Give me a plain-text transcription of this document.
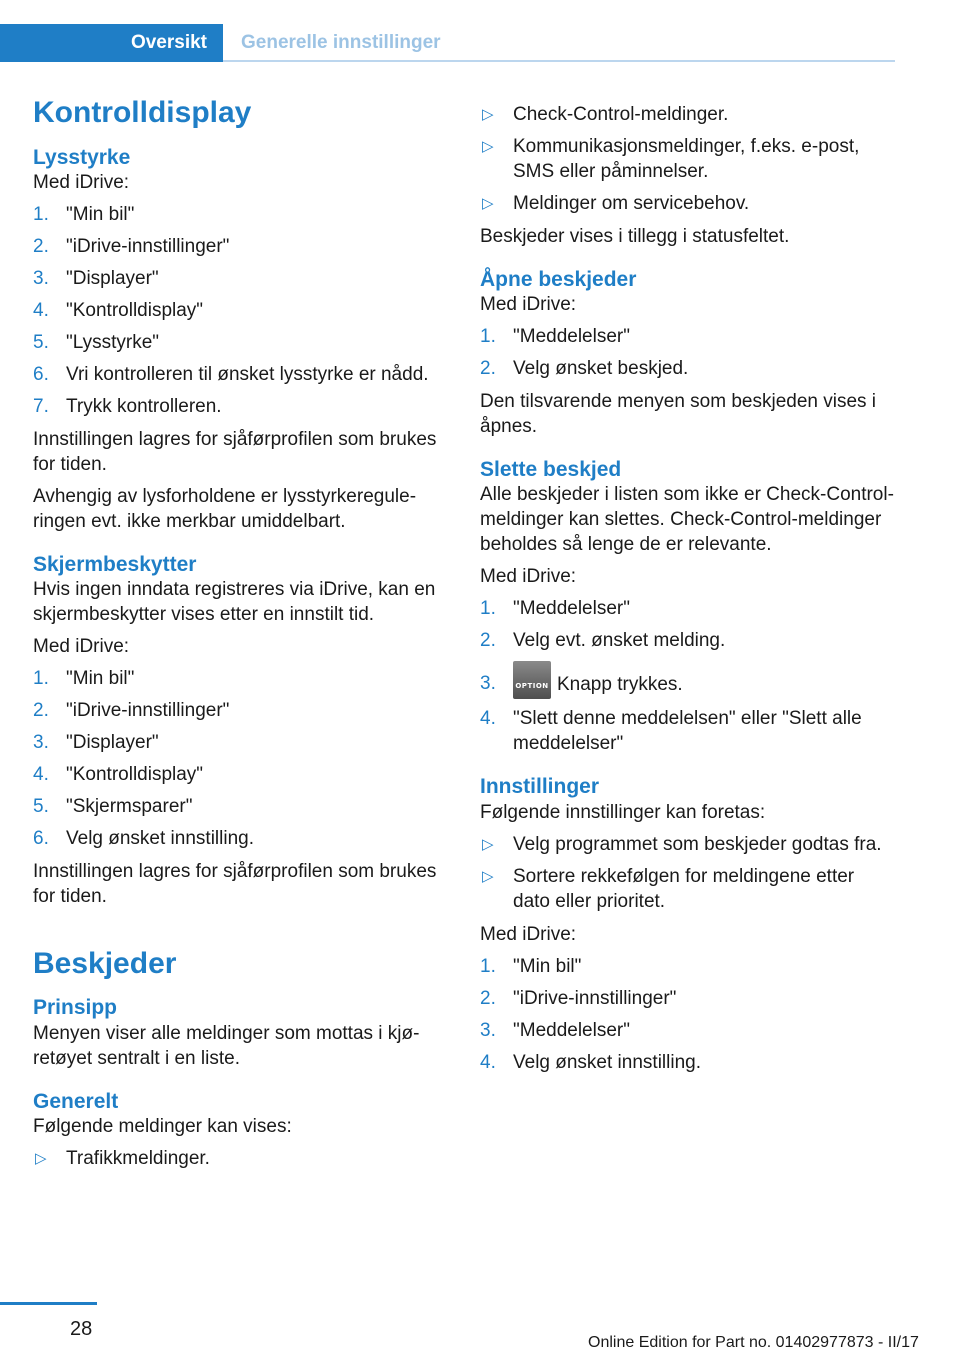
Oversikt	Generelle innstillinger
Kontrolldisplay
Lysstyrke

Med iDrive:

1. "Min bil"
2. "iDrive-innstillinger"
3. "Displayer"
4. "Kontrolldisplay"
5. "Lysstyrke"
6. Vri kontrolleren til ønsket lysstyrke er nådd.
7. Trykk kontrolleren.

Innstillingen lagres for sjåførprofilen som brukes for tiden.

Avhengig av lysforholdene er lysstyrkereguleringen evt. ikke merkbar umiddelbart.

Skjermbeskytter

Hvis ingen inndata registreres via iDrive, kan en skjermbeskytter vises etter en innstilt tid.

Med iDrive:

1. "Min bil"
2. "iDrive-innstillinger"
3. "Displayer"
4. "Kontrolldisplay"
5. "Skjermsparer"
6. Velg ønsket innstilling.

Innstillingen lagres for sjåførprofilen som brukes for tiden.

Beskjeder
Prinsipp

Menyen viser alle meldinger som mottas i kjøretøyet sentralt i en liste.

Generelt

Følgende meldinger kan vises:

▷ Trafikkmeldinger.
▷ Check-Control-meldinger.
▷ Kommunikasjonsmeldinger, f.eks. e-post, SMS eller påminnelser.
▷ Meldinger om servicebehov.

Beskjeder vises i tillegg i statusfeltet.

Åpne beskjeder

Med iDrive:

1. "Meddelelser"
2. Velg ønsket beskjed.

Den tilsvarende menyen som beskjeden vises i åpnes.

Slette beskjed

Alle beskjeder i listen som ikke er Check-Control-meldinger kan slettes. Check-Control-meldinger beholdes så lenge de er relevante.

Med iDrive:

1. "Meddelelser"
2. Velg evt. ønsket melding.
3.	OPTION Knapp trykkes.
4. "Slett denne meddelelsen" eller "Slett alle meddelelser"
Innstillinger

Følgende innstillinger kan foretas:

▷ Velg programmet som beskjeder godtas fra.
▷ Sortere rekkefølgen for meldingene etter dato eller prioritet.

Med iDrive:

1. "Min bil"
2. "iDrive-innstillinger"
3. "Meddelelser"
4. Velg ønsket innstilling.
28
Online Edition for Part no. 01402977873 - II/17
